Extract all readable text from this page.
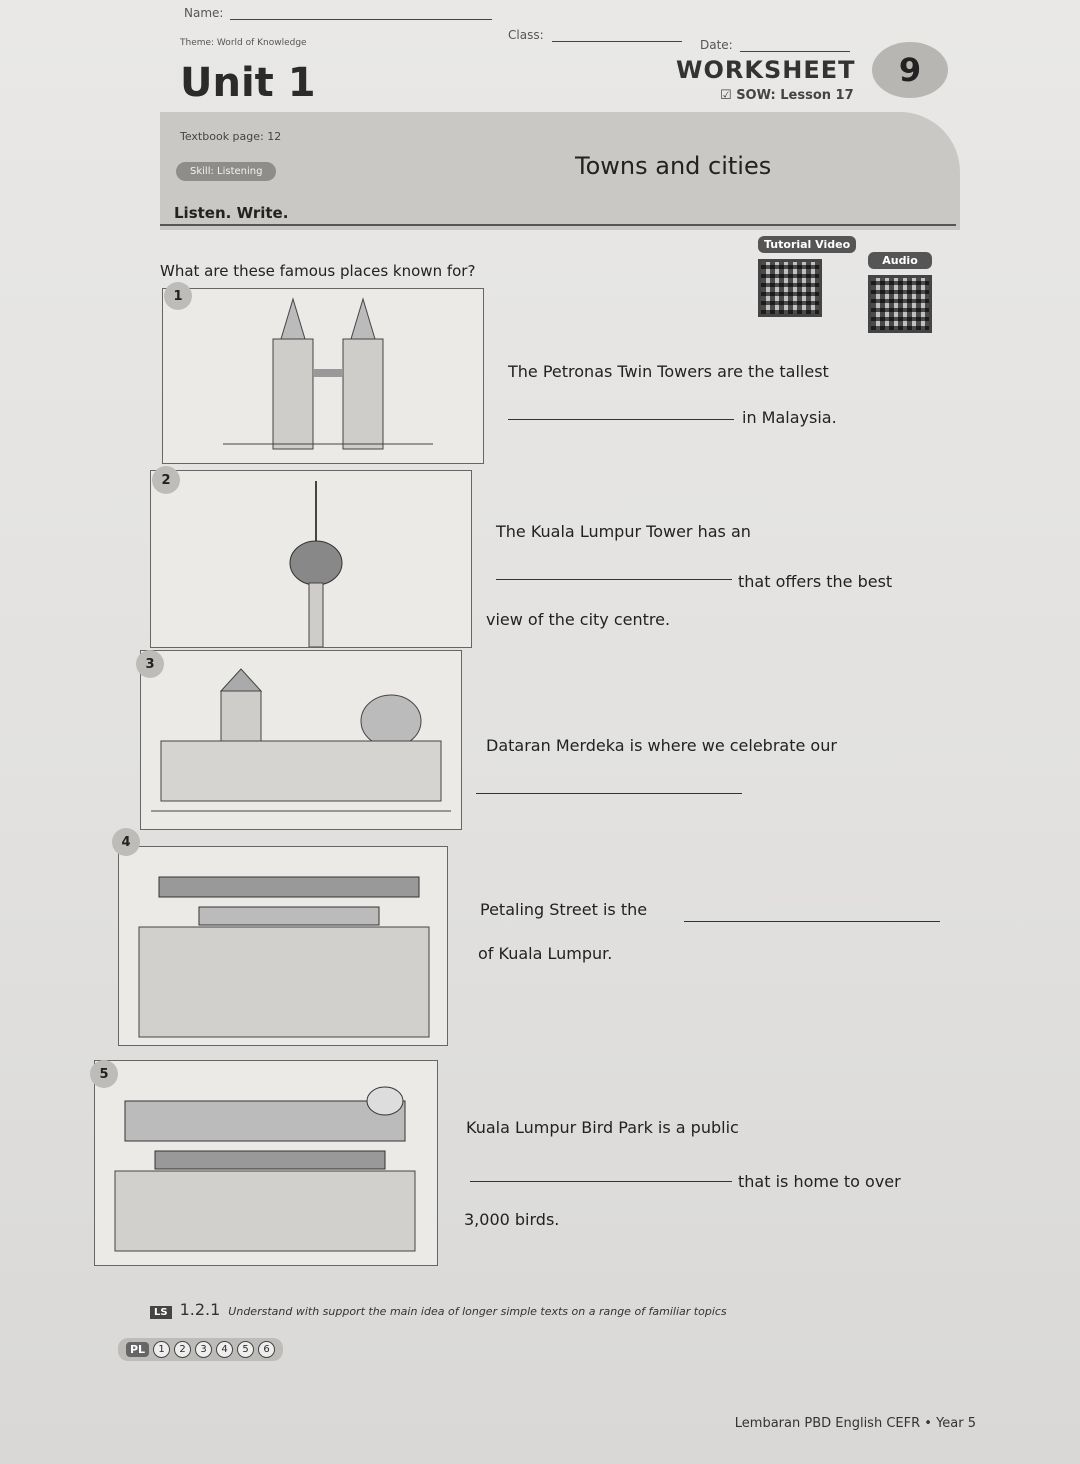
Name:
Class:
Date:
Theme: World of Knowledge
Unit 1	WORKSHEET	9
☑ SOW: Lesson 17
Textbook page: 12
Skill: Listening	Towns and cities
Listen. Write.
What are these famous places known for?
Tutorial Video
Audio
1
The Petronas Twin Towers are the tallest
in Malaysia.
2
The Kuala Lumpur Tower has an
that offers the best
view of the city centre.
3
Dataran Merdeka is where we celebrate our
4
Petaling Street is the
of Kuala Lumpur.
5
Kuala Lumpur Bird Park is a public
that is home to over
3,000 birds.
LS 1.2.1 Understand with support the main idea of longer simple texts on a range of familiar topics
PL	1	2	3	4	5	6
Lembaran PBD English CEFR • Year 5
